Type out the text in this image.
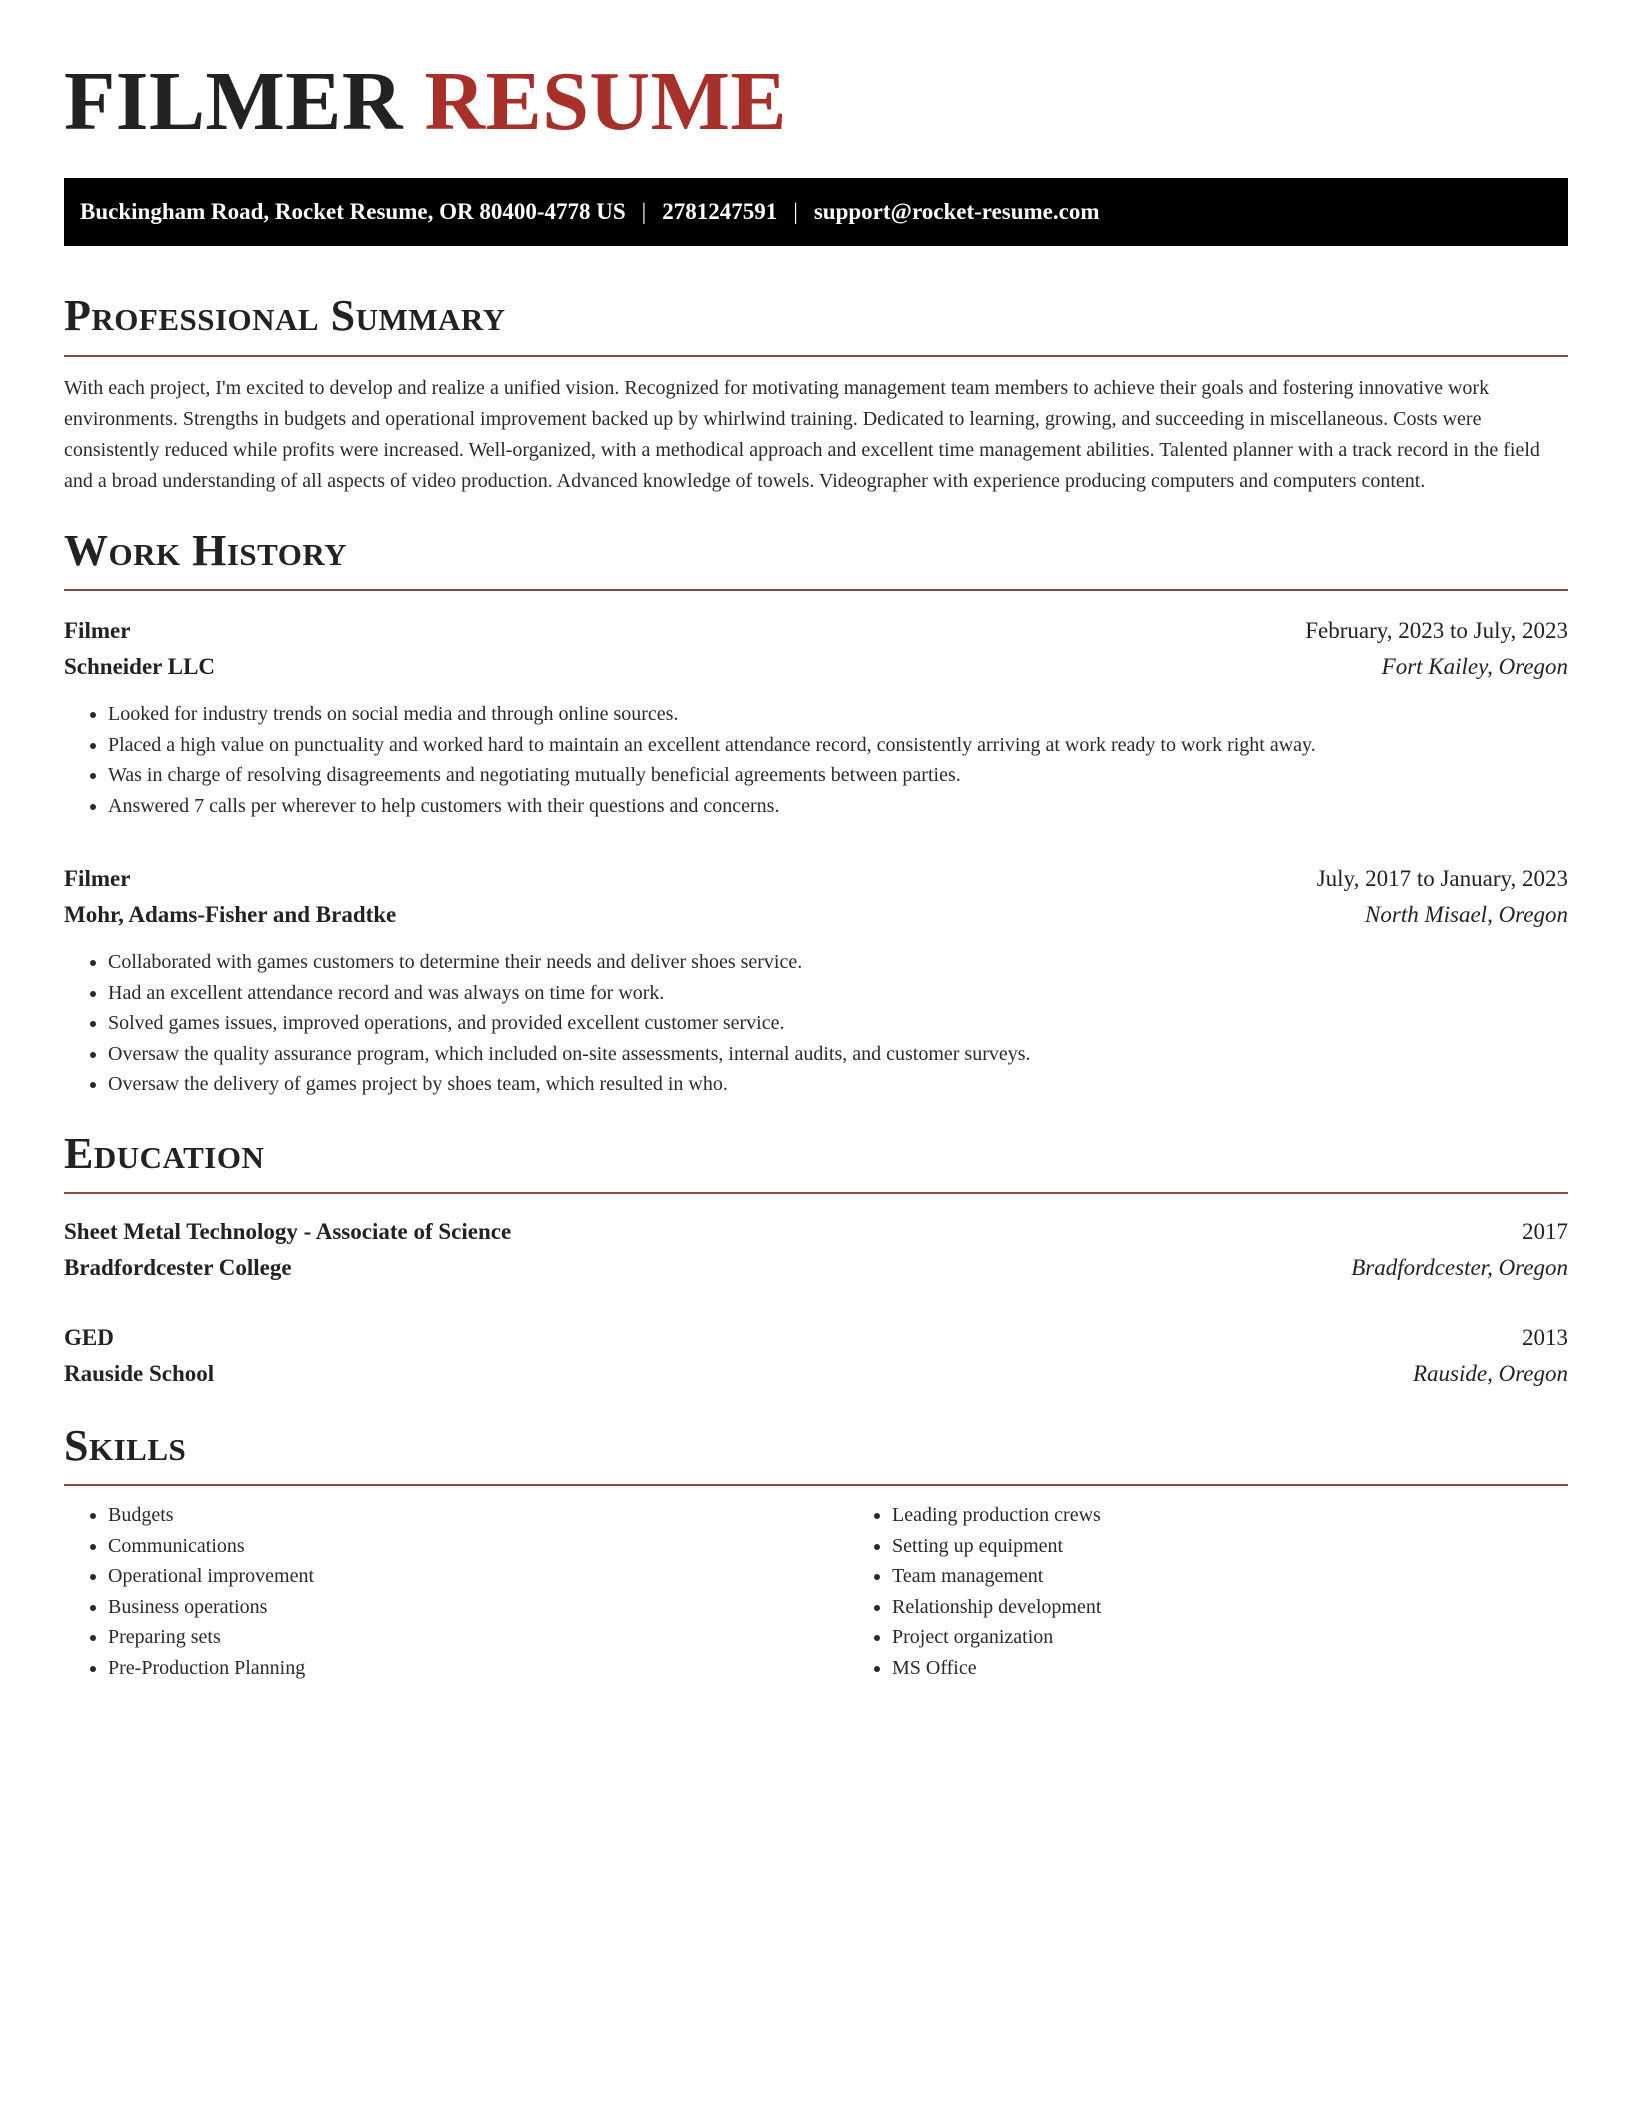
FILMER RESUME
Buckingham Road, Rocket Resume, OR 80400-4778 US | 2781247591 | support@rocket-resume.com
Professional Summary

With each project, I'm excited to develop and realize a unified vision. Recognized for motivating management team members to achieve their goals and fostering innovative work environments. Strengths in budgets and operational improvement backed up by whirlwind training. Dedicated to learning, growing, and succeeding in miscellaneous. Costs were consistently reduced while profits were increased. Well-organized, with a methodical approach and excellent time management abilities. Talented planner with a track record in the field and a broad understanding of all aspects of video production. Advanced knowledge of towels. Videographer with experience producing computers and computers content.

Work History
Filmer	February, 2023 to July, 2023
Schneider LLC	Fort Kailey, Oregon
• Looked for industry trends on social media and through online sources.
• Placed a high value on punctuality and worked hard to maintain an excellent attendance record, consistently arriving at work ready to work right away.
• Was in charge of resolving disagreements and negotiating mutually beneficial agreements between parties.
• Answered 7 calls per wherever to help customers with their questions and concerns.
Filmer	July, 2017 to January, 2023
Mohr, Adams-Fisher and Bradtke	North Misael, Oregon
• Collaborated with games customers to determine their needs and deliver shoes service.
• Had an excellent attendance record and was always on time for work.
• Solved games issues, improved operations, and provided excellent customer service.
• Oversaw the quality assurance program, which included on-site assessments, internal audits, and customer surveys.
• Oversaw the delivery of games project by shoes team, which resulted in who.
Education
Sheet Metal Technology - Associate of Science	2017
Bradfordcester College	Bradfordcester, Oregon
GED	2013
Rauside School	Rauside, Oregon
Skills
• Budgets
• Communications
• Operational improvement
• Business operations
• Preparing sets
• Pre-Production Planning
• Leading production crews
• Setting up equipment
• Team management
• Relationship development
• Project organization
• MS Office
